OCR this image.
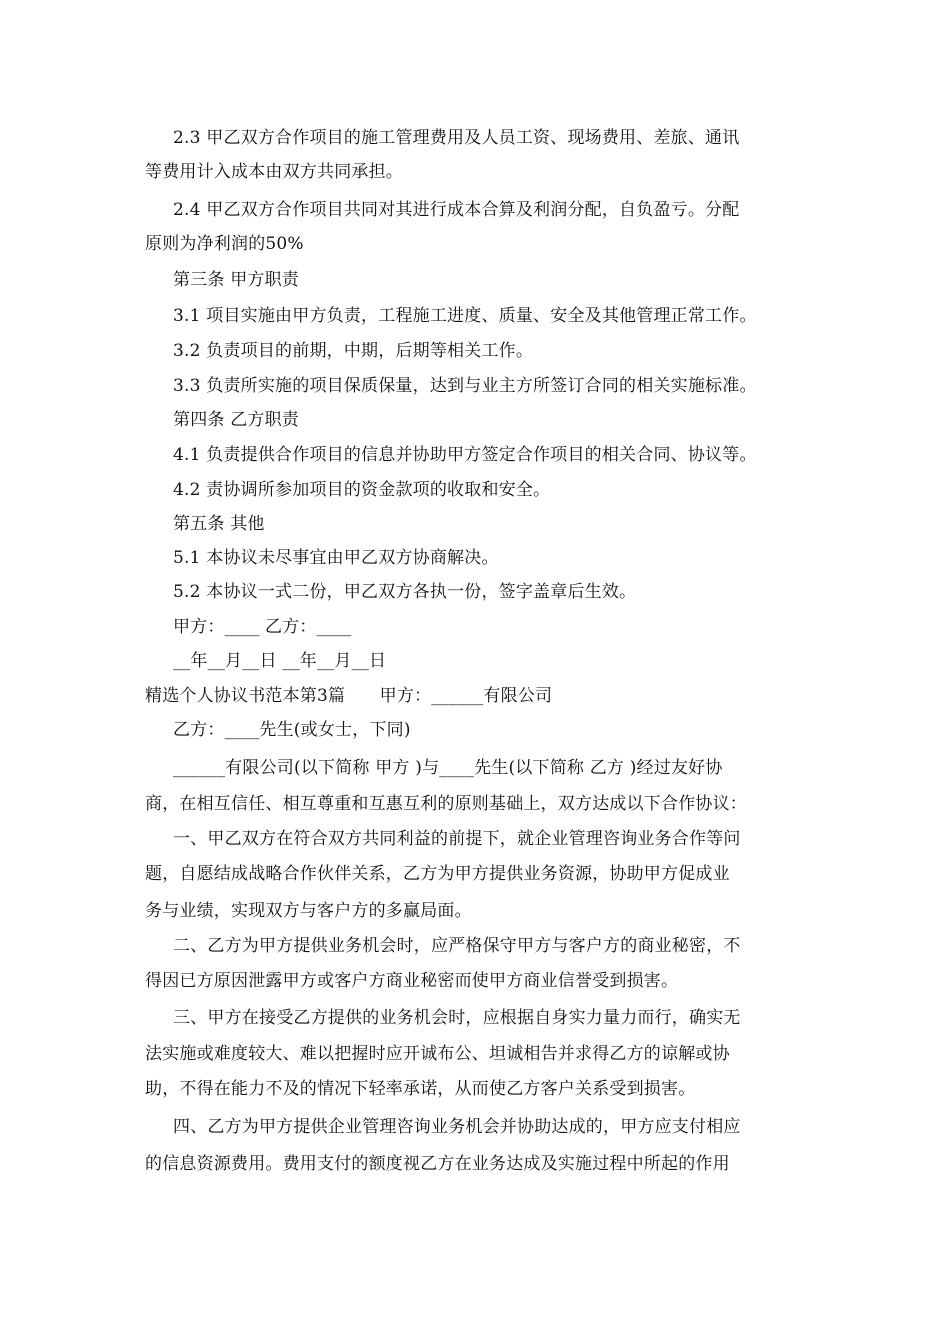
2.3 甲乙双方合作项目的施工管理费用及人员工资、现场费用、差旅、通讯
等费用计入成本由双方共同承担。
2.4 甲乙双方合作项目共同对其进行成本合算及利润分配，自负盈亏。分配
原则为净利润的50%
第三条 甲方职责
3.1 项目实施由甲方负责，工程施工进度、质量、安全及其他管理正常工作。
3.2 负责项目的前期，中期，后期等相关工作。
3.3 负责所实施的项目保质保量，达到与业主方所签订合同的相关实施标准。
第四条 乙方职责
4.1 负责提供合作项目的信息并协助甲方签定合作项目的相关合同、协议等。
4.2 责协调所参加项目的资金款项的收取和安全。
第五条 其他
5.1 本协议未尽事宜由甲乙双方协商解决。
5.2 本协议一式二份，甲乙双方各执一份，签字盖章后生效。
甲方：____ 乙方：____
__年__月__日 __年__月__日
精选个人协议书范本第3篇　　甲方：______有限公司
乙方：____先生(或女士，下同)
______有限公司(以下简称 甲方 )与____先生(以下简称 乙方 )经过友好协
商，在相互信任、相互尊重和互惠互利的原则基础上，双方达成以下合作协议：
一、甲乙双方在符合双方共同利益的前提下，就企业管理咨询业务合作等问
题，自愿结成战略合作伙伴关系，乙方为甲方提供业务资源，协助甲方促成业
务与业绩，实现双方与客户方的多赢局面。
二、乙方为甲方提供业务机会时，应严格保守甲方与客户方的商业秘密，不
得因已方原因泄露甲方或客户方商业秘密而使甲方商业信誉受到损害。
三、甲方在接受乙方提供的业务机会时，应根据自身实力量力而行，确实无
法实施或难度较大、难以把握时应开诚布公、坦诚相告并求得乙方的谅解或协
助，不得在能力不及的情况下轻率承诺，从而使乙方客户关系受到损害。
四、乙方为甲方提供企业管理咨询业务机会并协助达成的，甲方应支付相应
的信息资源费用。费用支付的额度视乙方在业务达成及实施过程中所起的作用
